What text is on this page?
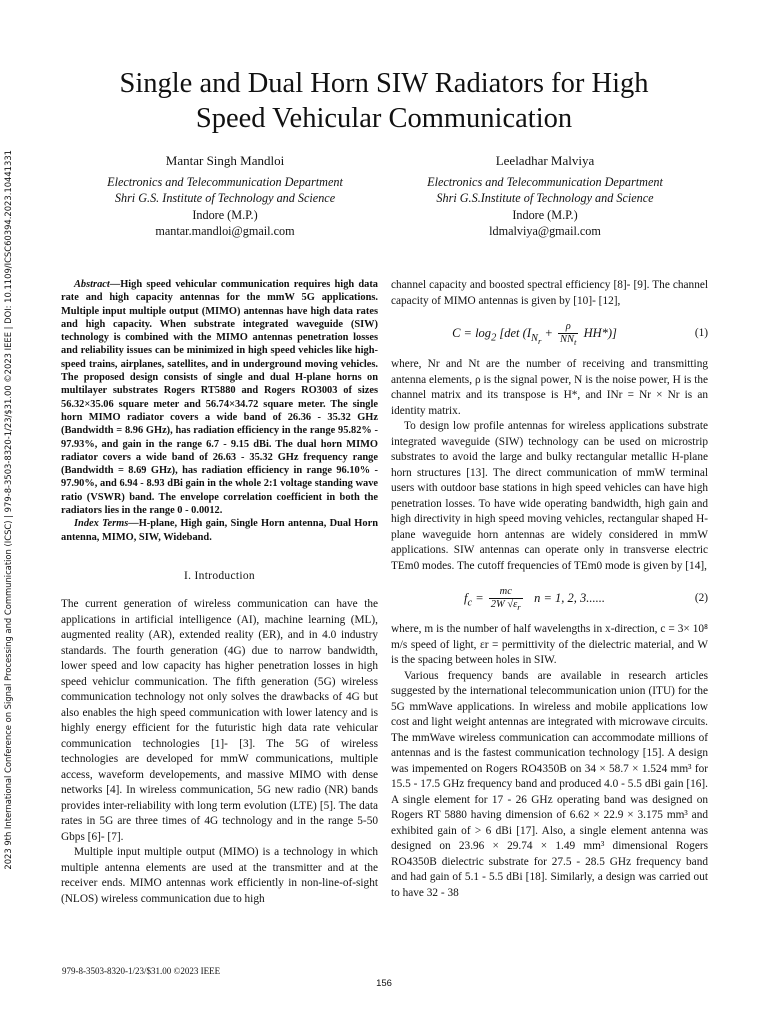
2023 9th International Conference on Signal Processing and Communication (ICSC) | 979-8-3503-8320-1/23/$31.00 ©2023 IEEE | DOI: 10.1109/ICSC60394.2023.10441331
Single and Dual Horn SIW Radiators for High
Speed Vehicular Communication
Mantar Singh Mandloi
Electronics and Telecommunication Department
Shri G.S. Institute of Technology and Science
Indore (M.P.)
mantar.mandloi@gmail.com
Leeladhar Malviya
Electronics and Telecommunication Department
Shri G.S.Institute of Technology and Science
Indore (M.P.)
ldmalviya@gmail.com

Abstract—High speed vehicular communication requires high data rate and high capacity antennas for the mmW 5G applications. Multiple input multiple output (MIMO) antennas have high data rates and high capacity. When substrate integrated waveguide (SIW) technology is combined with the MIMO antennas penetration losses and reliability issues can be minimized in high speed vehicles like high-speed trains, airplanes, satellites, and in underground moving vehicles. The proposed design consists of single and dual H-plane horns on multilayer substrates Rogers RT5880 and Rogers RO3003 of sizes 56.32×35.06 square meter and 56.74×34.72 square meter. The single horn MIMO radiator covers a wide band of 26.36 - 35.32 GHz (Bandwidth = 8.96 GHz), has radiation efficiency in the range 95.82% - 97.93%, and gain in the range 6.7 - 9.15 dBi. The dual horn MIMO radiator covers a wide band of 26.63 - 35.32 GHz frequency range (Bandwidth = 8.69 GHz), has radiation efficiency in range 96.10% - 97.90%, and 6.94 - 8.93 dBi gain in the whole 2:1 voltage standing wave ratio (VSWR) band. The envelope correlation coefficient in both the radiators lies in the range 0 - 0.0012.

Index Terms—H-plane, High gain, Single Horn antenna, Dual Horn antenna, MIMO, SIW, Wideband.

I. Introduction

The current generation of wireless communication can have the applications in artificial intelligence (AI), machine learning (ML), augmented reality (AR), extended reality (ER), and in 4.0 industry standards. The fourth generation (4G) due to narrow bandwidth, lower speed and low capacity has higher penetration losses in high speed vehiclur communication. The fifth generation (5G) wireless communication technology not only solves the drawbacks of 4G but also enables the high speed communication with lower latency and is highly energy efficient for the futuristic high data rate vehicular communication technologies [1]- [3]. The 5G of wireless technologies are developed for mmW communications, multiple access, waveform developements, and massive MIMO with dense networks [4]. In wireless communication, 5G new radio (NR) bands provides inter-reliability with long term evolution (LTE) [5]. The data rates in 5G are three times of 4G technology and in the range 5-50 Gbps [6]- [7].

Multiple input multiple output (MIMO) is a technology in which multiple antenna elements are used at the transmitter and at the receiver ends. MIMO antennas work efficiently in non-line-of-sight (NLOS) wireless communication due to high

channel capacity and boosted spectral efficiency [8]- [9]. The channel capacity of MIMO antennas is given by [10]- [12],

$C = \log_2 [\det$ $(I_{N_r} + \frac{\rho}{NN_t} HH*)$]	(1)

where, Nr and Nt are the number of receiving and transmitting antenna elements, ρ is the signal power, N is the noise power, H is the channel matrix and its transpose is H*, and INr = Nr × Nr is an identity matrix.

To design low profile antennas for wireless applications substrate integrated waveguide (SIW) technology can be used on microstrip substrates to avoid the large and bulky rectangular metallic H-plane horn structures [13]. The direct communication of mmW terminal users with outdoor base stations in high speed vehicles can have high penetration losses. To have wide operating bandwidth, high gain and high directivity in high speed moving vehicles, rectangular shaped H-plane waveguide horn antennas are widely considered in mmW applications. SIW antennas can operate only in transverse electric TEm0 modes. The cutoff frequencies of TEm0 mode is given by [14],

$f_c = \frac{mc}{2W √\varepsilon_r}$ n = 1, 2, 3......	(2)

where, m is the number of half wavelengths in x-direction, c = 3× 10⁸ m/s speed of light, εr = permittivity of the dielectric material, and W is the spacing between holes in SIW.

Various frequency bands are available in research articles suggested by the international telecommunication union (ITU) for the 5G mmWave applications. In wireless and mobile applications low cost and light weight antennas are integrated with microwave circuits. The mmWave wireless communication can accommodate millions of antennas and is the fastest communication technology [15]. A design was impemented on Rogers RO4350B on 34 × 58.7 × 1.524 mm³ for 15.5 - 17.5 GHz frequency band and produced 4.0 - 5.5 dBi gain [16]. A single element for 17 - 26 GHz operating band was designed on Rogers RT 5880 having dimension of 6.62 × 22.9 × 3.175 mm³ and exhibited gain of > 6 dBi [17]. Also, a single element antenna was designed on 23.96 × 29.74 × 1.49 mm³ dimensional Rogers RO4350B dielectric substrate for 27.5 - 28.5 GHz frequency band and had gain of 5.1 - 5.5 dBi [18]. Similarly, a design was carried out to have 32 - 38

979-8-3503-8320-1/23/$31.00 ©2023 IEEE
156
